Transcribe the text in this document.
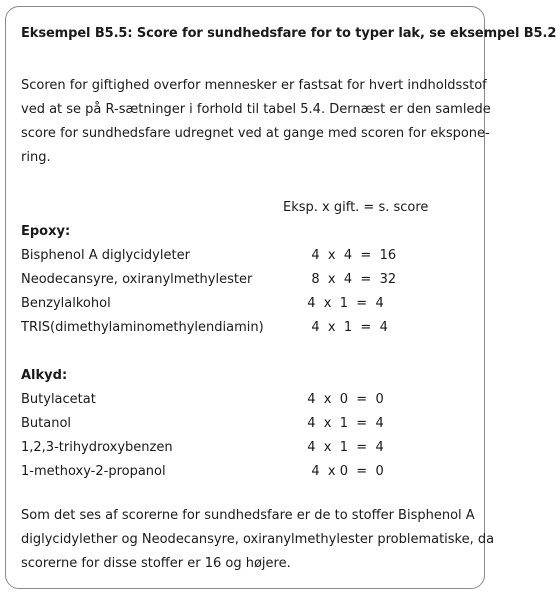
Eksempel B5.5: Score for sundhedsfare for to typer lak, se eksempel B5.2
Scoren for giftighed overfor mennesker er fastsat for hvert indholdsstof
ved at se på R-sætninger i forhold til tabel 5.4. Dernæst er den samlede
score for sundhedsfare udregnet ved at gange med scoren for ekspone-
ring.
Eksp. x gift. = s. score
Epoxy:
Bisphenol A diglycidyleter	4  x  4  =  16
Neodecansyre, oxiranylmethylester	8  x  4  =  32
Benzylalkohol	4  x  1  =  4
TRIS(dimethylaminomethylendiamin)	4  x  1  =  4
Alkyd:
Butylacetat	4  x  0  =  0
Butanol	4  x  1  =  4
1,2,3-trihydroxybenzen	4  x  1  =  4
1-methoxy-2-propanol	4  x 0  =  0
Som det ses af scorerne for sundhedsfare er de to stoffer Bisphenol A
diglycidylether og Neodecansyre, oxiranylmethylester problematiske, da
scorerne for disse stoffer er 16 og højere.
